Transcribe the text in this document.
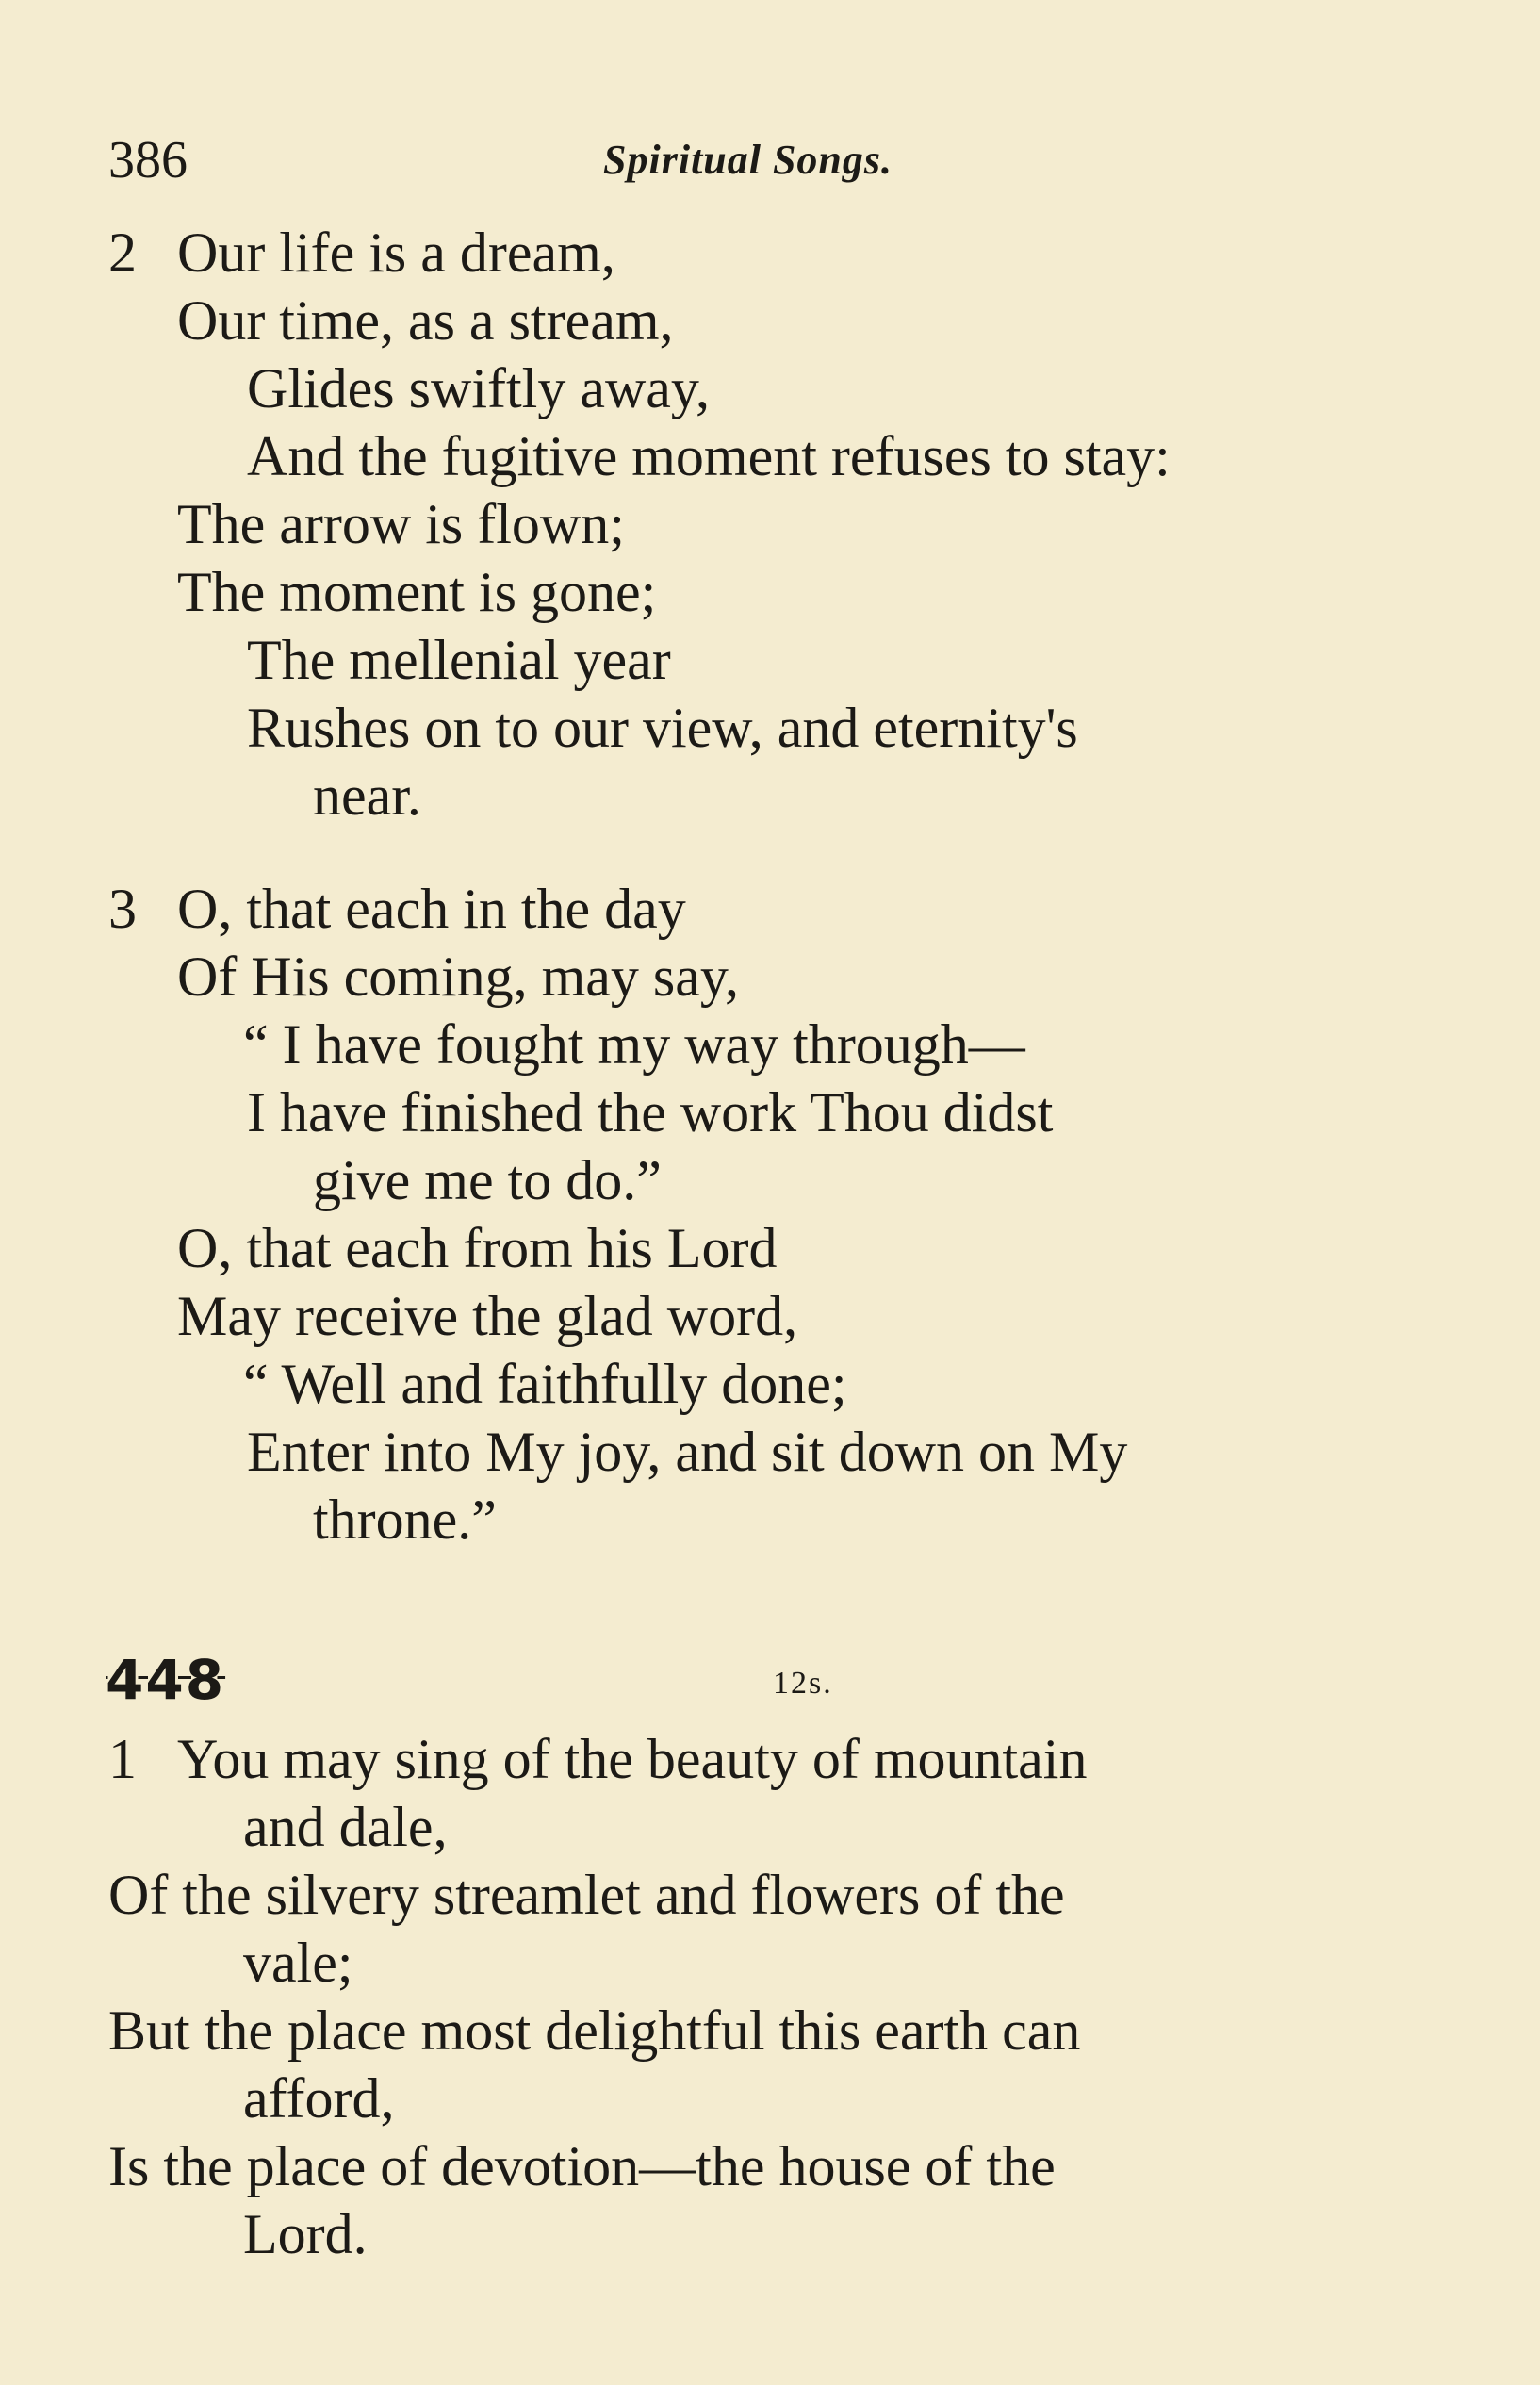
386	Spiritual Songs.
2 Our life is a dream,
Our time, as a stream,
Glides swiftly away,
And the fugitive moment refuses to stay:
The arrow is flown;
The moment is gone;
The mellenial year
Rushes on to our view, and eternity's
near.
3 O, that each in the day
Of His coming, may say,
“ I have fought my way through—
I have finished the work Thou didst
give me to do.”
O, that each from his Lord
May receive the glad word,
“ Well and faithfully done;
Enter into My joy, and sit down on My
throne.”
448	12s.
1 You may sing of the beauty of mountain
and dale,
Of the silvery streamlet and flowers of the
vale;
But the place most delightful this earth can
afford,
Is the place of devotion—the house of the
Lord.
